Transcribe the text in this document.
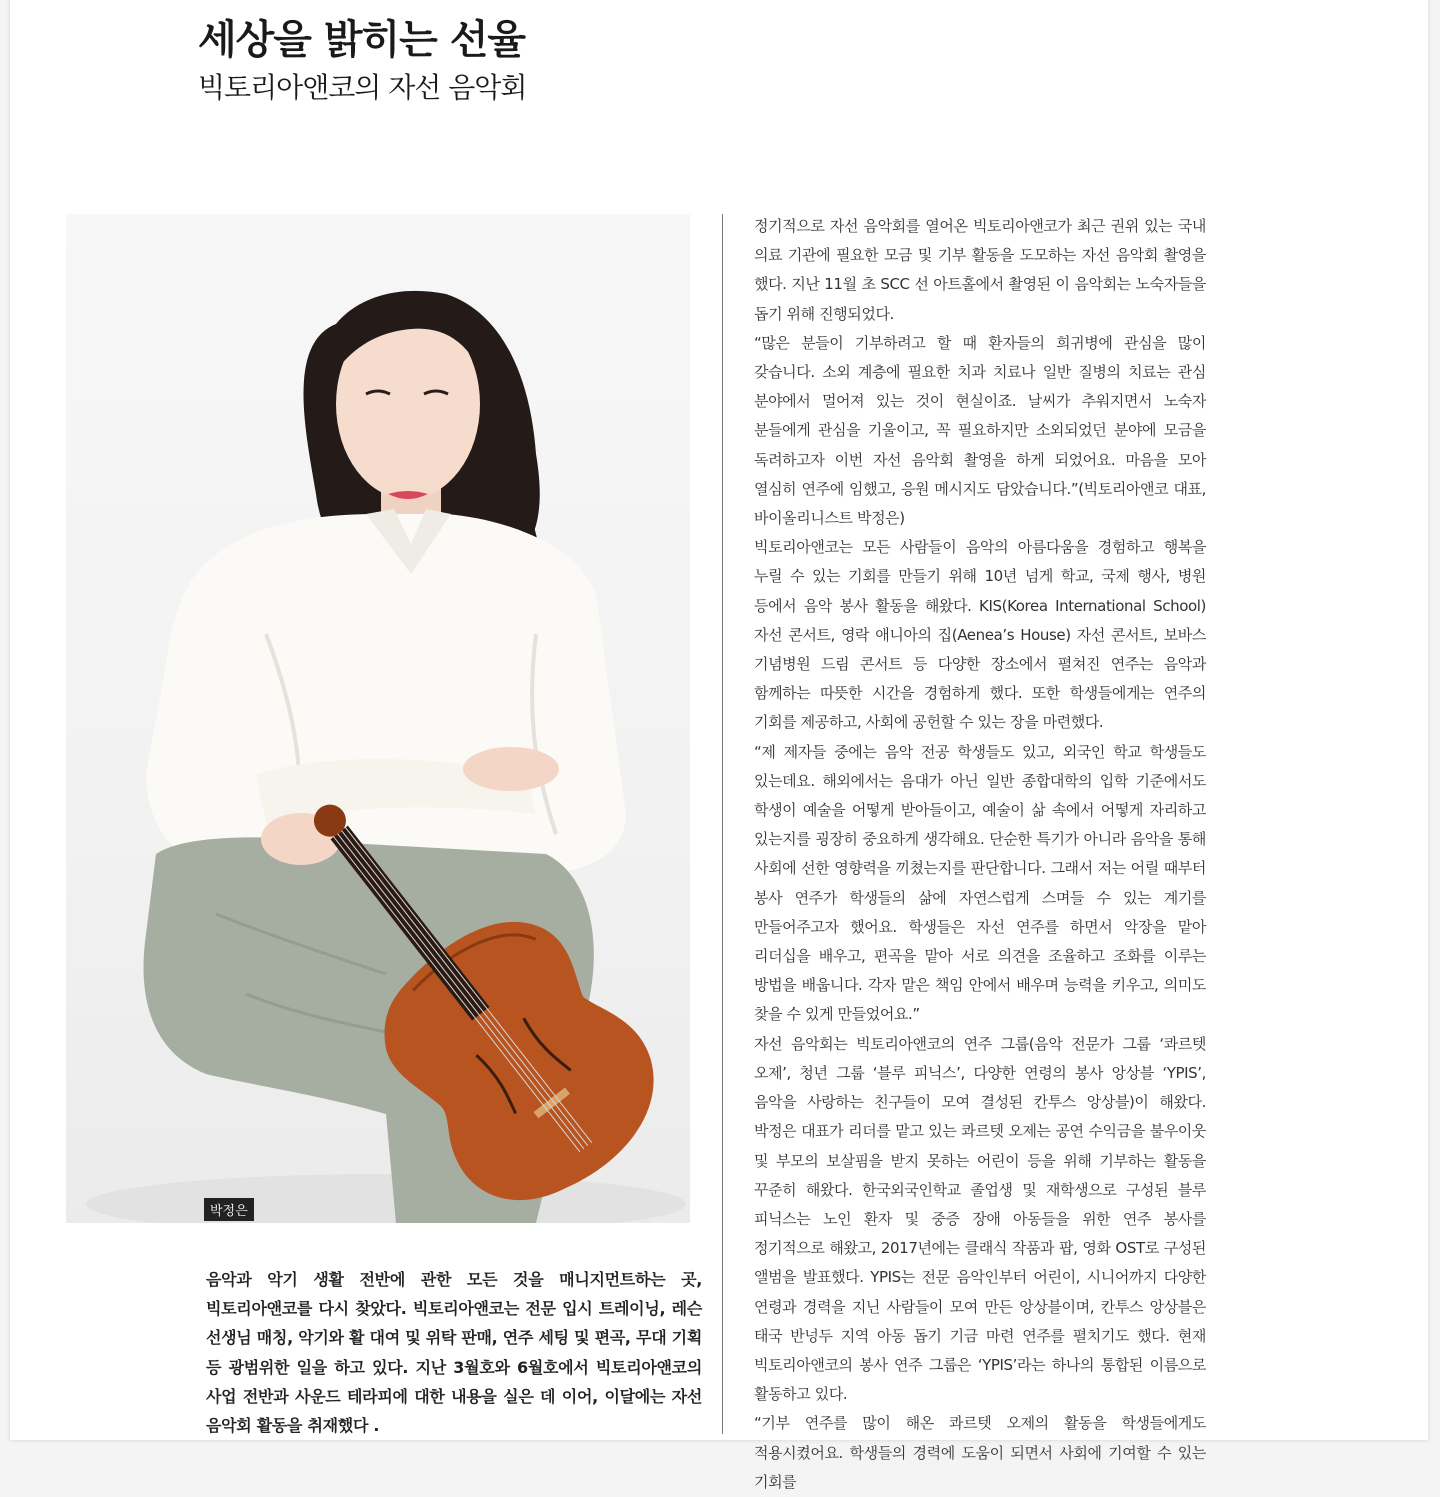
세상을 밝히는 선율
빅토리아앤코의 자선 음악회
박정은
음악과 악기 생활 전반에 관한 모든 것을 매니지먼트하는 곳, 빅토리아앤코를 다시 찾았다. 빅토리아앤코는 전문 입시 트레이닝, 레슨 선생님 매칭, 악기와 활 대여 및 위탁 판매, 연주 세팅 및 편곡, 무대 기획 등 광범위한 일을 하고 있다. 지난 3월호와 6월호에서 빅토리아앤코의 사업 전반과 사운드 테라피에 대한 내용을 실은 데 이어, 이달에는 자선 음악회 활동을 취재했다 .

정기적으로 자선 음악회를 열어온 빅토리아앤코가 최근 권위 있는 국내 의료 기관에 필요한 모금 및 기부 활동을 도모하는 자선 음악회 촬영을 했다. 지난 11월 초 SCC 선 아트홀에서 촬영된 이 음악회는 노숙자들을 돕기 위해 진행되었다.

“많은 분들이 기부하려고 할 때 환자들의 희귀병에 관심을 많이 갖습니다. 소외 계층에 필요한 치과 치료나 일반 질병의 치료는 관심 분야에서 멀어져 있는 것이 현실이죠. 날씨가 추워지면서 노숙자 분들에게 관심을 기울이고, 꼭 필요하지만 소외되었던 분야에 모금을 독려하고자 이번 자선 음악회 촬영을 하게 되었어요. 마음을 모아 열심히 연주에 임했고, 응원 메시지도 담았습니다.”(빅토리아앤코 대표, 바이올리니스트 박정은)

빅토리아앤코는 모든 사람들이 음악의 아름다움을 경험하고 행복을 누릴 수 있는 기회를 만들기 위해 10년 넘게 학교, 국제 행사, 병원 등에서 음악 봉사 활동을 해왔다. KIS(Korea International School) 자선 콘서트, 영락 애니아의 집(Aenea’s House) 자선 콘서트, 보바스 기념병원 드림 콘서트 등 다양한 장소에서 펼쳐진 연주는 음악과 함께하는 따뜻한 시간을 경험하게 했다. 또한 학생들에게는 연주의 기회를 제공하고, 사회에 공헌할 수 있는 장을 마련했다.

“제 제자들 중에는 음악 전공 학생들도 있고, 외국인 학교 학생들도 있는데요. 해외에서는 음대가 아닌 일반 종합대학의 입학 기준에서도 학생이 예술을 어떻게 받아들이고, 예술이 삶 속에서 어떻게 자리하고 있는지를 굉장히 중요하게 생각해요. 단순한 특기가 아니라 음악을 통해 사회에 선한 영향력을 끼쳤는지를 판단합니다. 그래서 저는 어릴 때부터 봉사 연주가 학생들의 삶에 자연스럽게 스며들 수 있는 계기를 만들어주고자 했어요. 학생들은 자선 연주를 하면서 악장을 맡아 리더십을 배우고, 편곡을 맡아 서로 의견을 조율하고 조화를 이루는 방법을 배웁니다. 각자 맡은 책임 안에서 배우며 능력을 키우고, 의미도 찾을 수 있게 만들었어요.”

자선 음악회는 빅토리아앤코의 연주 그룹(음악 전문가 그룹 ‘콰르텟 오제’, 청년 그룹 ‘블루 피닉스’, 다양한 연령의 봉사 앙상블 ‘YPIS’, 음악을 사랑하는 친구들이 모여 결성된 칸투스 앙상블)이 해왔다. 박정은 대표가 리더를 맡고 있는 콰르텟 오제는 공연 수익금을 불우이웃 및 부모의 보살핌을 받지 못하는 어린이 등을 위해 기부하는 활동을 꾸준히 해왔다. 한국외국인학교 졸업생 및 재학생으로 구성된 블루 피닉스는 노인 환자 및 중증 장애 아동들을 위한 연주 봉사를 정기적으로 해왔고, 2017년에는 클래식 작품과 팝, 영화 OST로 구성된 앨범을 발표했다. YPIS는 전문 음악인부터 어린이, 시니어까지 다양한 연령과 경력을 지닌 사람들이 모여 만든 앙상블이며, 칸투스 앙상블은 태국 반넝두 지역 아동 돕기 기금 마련 연주를 펼치기도 했다. 현재 빅토리아앤코의 봉사 연주 그룹은 ‘YPIS’라는 하나의 통합된 이름으로 활동하고 있다.

“기부 연주를 많이 해온 콰르텟 오제의 활동을 학생들에게도 적용시켰어요. 학생들의 경력에 도움이 되면서 사회에 기여할 수 있는 기회를
